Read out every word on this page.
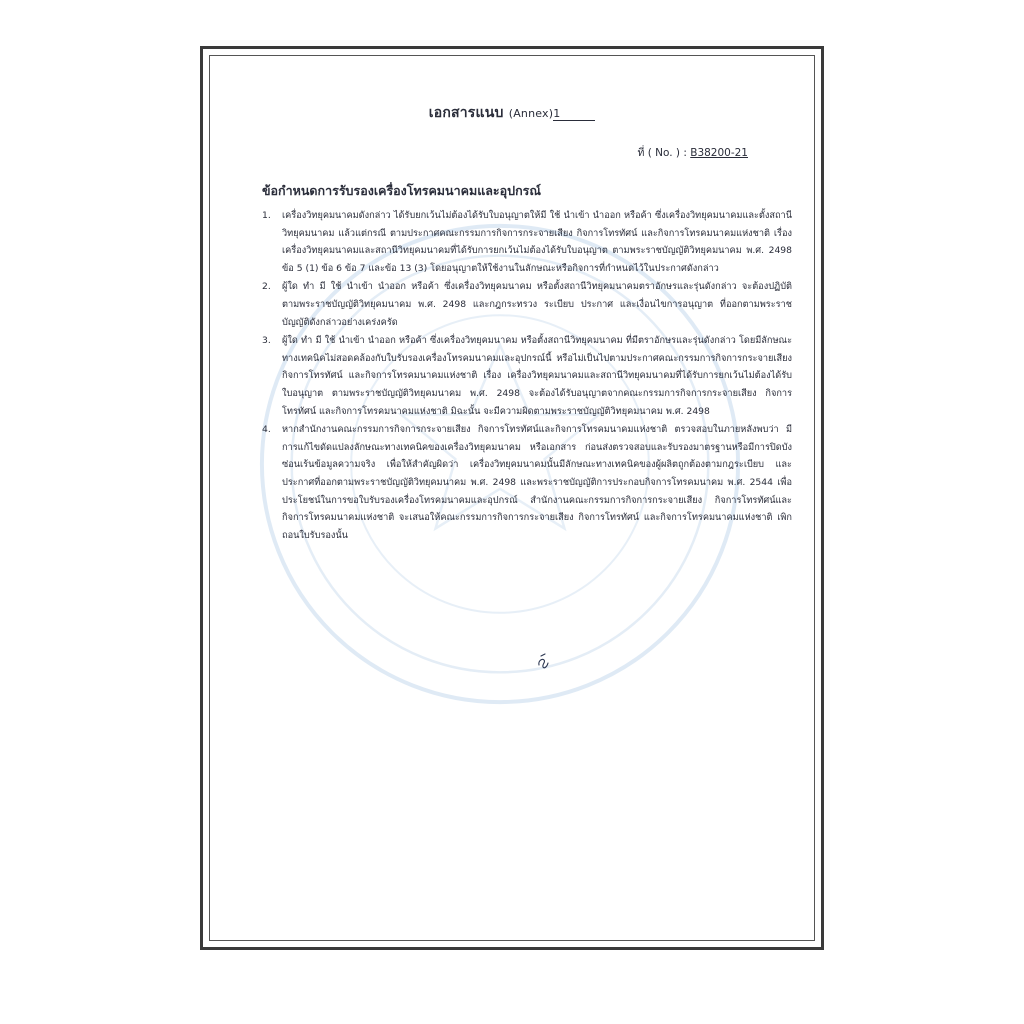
เอกสารแนบ (Annex)1
ที่ ( No. ) : B38200-21
ข้อกำหนดการรับรองเครื่องโทรคมนาคมและอุปกรณ์
1. เครื่องวิทยุคมนาคมดังกล่าว ได้รับยกเว้นไม่ต้องได้รับใบอนุญาตให้มี ใช้ นำเข้า นำออก หรือค้า ซึ่งเครื่องวิทยุคมนาคมและตั้งสถานีวิทยุคมนาคม แล้วแต่กรณี ตามประกาศคณะกรรมการกิจการกระจายเสียง กิจการโทรทัศน์ และกิจการโทรคมนาคมแห่งชาติ เรื่อง เครื่องวิทยุคมนาคมและสถานีวิทยุคมนาคมที่ได้รับการยกเว้นไม่ต้องได้รับใบอนุญาต ตามพระราชบัญญัติวิทยุคมนาคม พ.ศ. 2498 ข้อ 5 (1) ข้อ 6 ข้อ 7 และข้อ 13 (3) โดยอนุญาตให้ใช้งานในลักษณะหรือกิจการที่กำหนดไว้ในประกาศดังกล่าว
2. ผู้ใด ทำ มี ใช้ นำเข้า นำออก หรือค้า ซึ่งเครื่องวิทยุคมนาคม หรือตั้งสถานีวิทยุคมนาคมตราอักษรและรุ่นดังกล่าว จะต้องปฏิบัติตามพระราชบัญญัติวิทยุคมนาคม พ.ศ. 2498 และกฎกระทรวง ระเบียบ ประกาศ และเงื่อนไขการอนุญาต ที่ออกตามพระราชบัญญัติดังกล่าวอย่างเคร่งครัด
3. ผู้ใด ทำ มี ใช้ นำเข้า นำออก หรือค้า ซึ่งเครื่องวิทยุคมนาคม หรือตั้งสถานีวิทยุคมนาคม ที่มีตราอักษรและรุ่นดังกล่าว โดยมีลักษณะทางเทคนิคไม่สอดคล้องกับใบรับรองเครื่องโทรคมนาคมและอุปกรณ์นี้ หรือไม่เป็นไปตามประกาศคณะกรรมการกิจการกระจายเสียง กิจการโทรทัศน์ และกิจการโทรคมนาคมแห่งชาติ เรื่อง เครื่องวิทยุคมนาคมและสถานีวิทยุคมนาคมที่ได้รับการยกเว้นไม่ต้องได้รับใบอนุญาต ตามพระราชบัญญัติวิทยุคมนาคม พ.ศ. 2498 จะต้องได้รับอนุญาตจากคณะกรรมการกิจการกระจายเสียง กิจการโทรทัศน์ และกิจการโทรคมนาคมแห่งชาติ มิฉะนั้น จะมีความผิดตามพระราชบัญญัติวิทยุคมนาคม พ.ศ. 2498
4. หากสำนักงานคณะกรรมการกิจการกระจายเสียง กิจการโทรทัศน์และกิจการโทรคมนาคมแห่งชาติ ตรวจสอบในภายหลังพบว่า มีการแก้ไขดัดแปลงลักษณะทางเทคนิคของเครื่องวิทยุคมนาคม หรือเอกสาร ก่อนส่งตรวจสอบและรับรองมาตรฐานหรือมีการปิดบัง ซ่อนเร้นข้อมูลความจริง เพื่อให้สำคัญผิดว่า เครื่องวิทยุคมนาคมนั้นมีลักษณะทางเทคนิคของผู้ผลิตถูกต้องตามกฎระเบียบ และประกาศที่ออกตามพระราชบัญญัติวิทยุคมนาคม พ.ศ. 2498 และพระราชบัญญัติการประกอบกิจการโทรคมนาคม พ.ศ. 2544 เพื่อประโยชน์ในการขอใบรับรองเครื่องโทรคมนาคมและอุปกรณ์ สำนักงานคณะกรรมการกิจการกระจายเสียง กิจการโทรทัศน์และกิจการโทรคมนาคมแห่งชาติ จะเสนอให้คณะกรรมการกิจการกระจายเสียง กิจการโทรทัศน์ และกิจการโทรคมนาคมแห่งชาติ เพิกถอนใบรับรองนั้น
